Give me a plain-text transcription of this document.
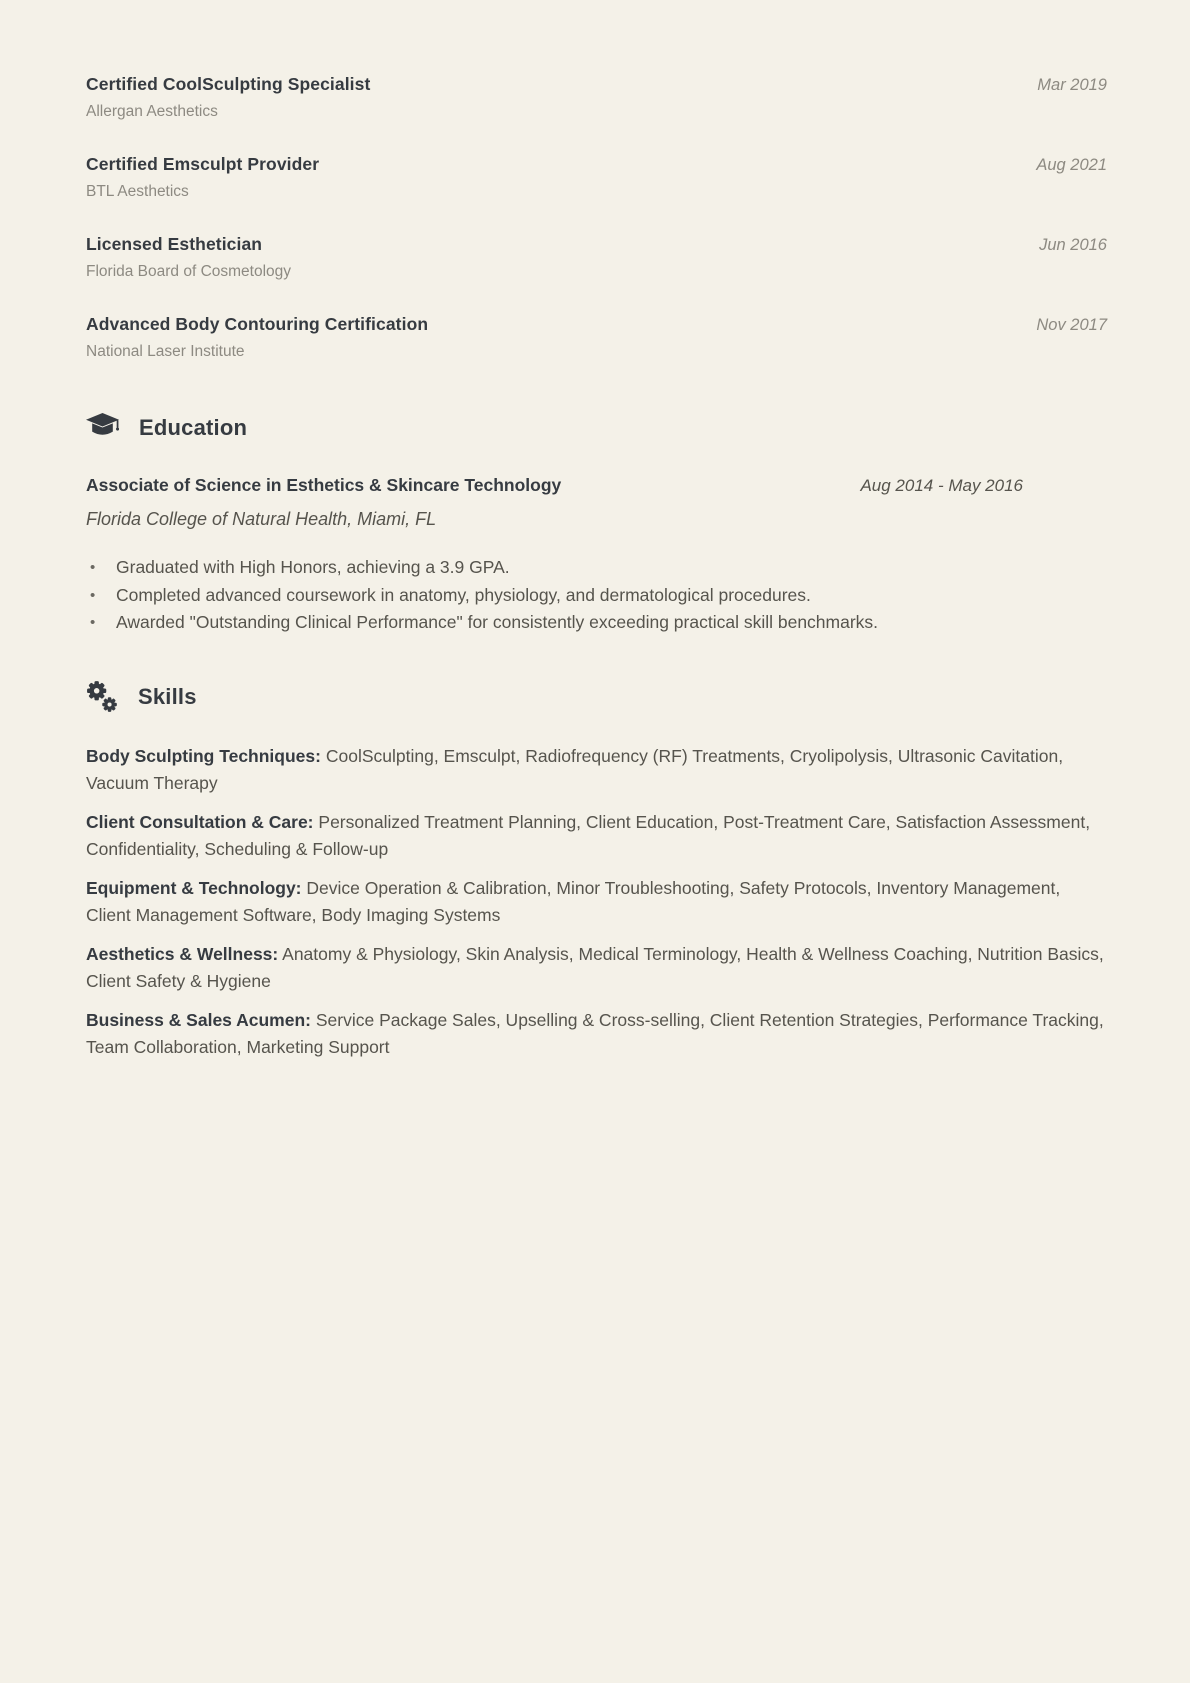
Certified CoolSculpting Specialist	Mar 2019
Allergan Aesthetics
Certified Emsculpt Provider	Aug 2021
BTL Aesthetics
Licensed Esthetician	Jun 2016
Florida Board of Cosmetology
Advanced Body Contouring Certification	Nov 2017
National Laser Institute
Education
Associate of Science in Esthetics & Skincare Technology	Aug 2014 - May 2016
Florida College of Natural Health, Miami, FL
•	Graduated with High Honors, achieving a 3.9 GPA.
•	Completed advanced coursework in anatomy, physiology, and dermatological procedures.
•	Awarded "Outstanding Clinical Performance" for consistently exceeding practical skill benchmarks.
Skills

Body Sculpting Techniques: CoolSculpting, Emsculpt, Radiofrequency (RF) Treatments, Cryolipolysis, Ultrasonic Cavitation, Vacuum Therapy

Client Consultation & Care: Personalized Treatment Planning, Client Education, Post-Treatment Care, Satisfaction Assessment, Confidentiality, Scheduling & Follow-up

Equipment & Technology: Device Operation & Calibration, Minor Troubleshooting, Safety Protocols, Inventory Management, Client Management Software, Body Imaging Systems

Aesthetics & Wellness: Anatomy & Physiology, Skin Analysis, Medical Terminology, Health & Wellness Coaching, Nutrition Basics, Client Safety & Hygiene

Business & Sales Acumen: Service Package Sales, Upselling & Cross-selling, Client Retention Strategies, Performance Tracking, Team Collaboration, Marketing Support
